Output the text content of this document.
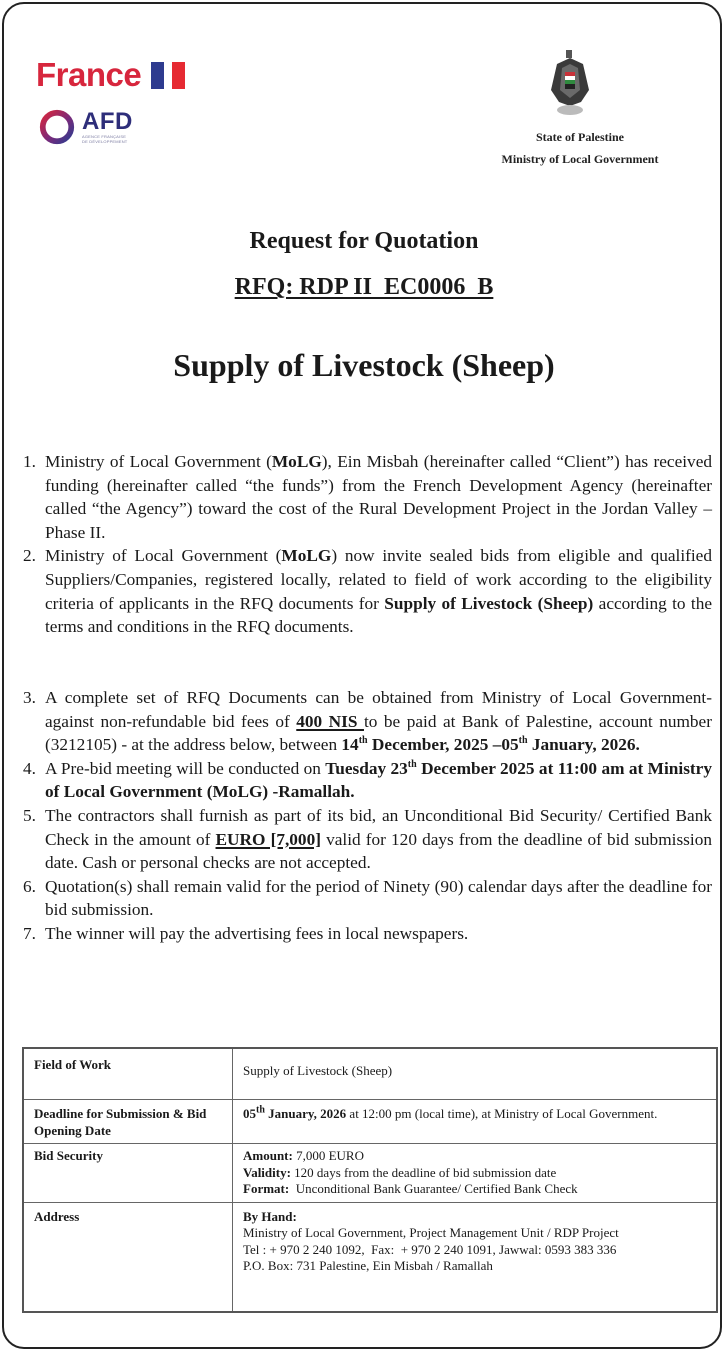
France
AFD
AGENCE FRANÇAISE
DE DÉVELOPPEMENT	State of Palestine
Ministry of Local Government
Request for Quotation
RFQ: RDP II  EC0006  B
Supply of Livestock (Sheep)
1. Ministry of Local Government (MoLG), Ein Misbah (hereinafter called “Client”) has received funding (hereinafter called “the funds”) from the French Development Agency (hereinafter called “the Agency”) toward the cost of the Rural Development Project in the Jordan Valley – Phase II.
2. Ministry of Local Government (MoLG) now invite sealed bids from eligible and qualified Suppliers/Companies, registered locally, related to field of work according to the eligibility criteria of applicants in the RFQ documents for Supply of Livestock (Sheep) according to the terms and conditions in the RFQ documents.
3. A complete set of RFQ Documents can be obtained from Ministry of Local Government- against non-refundable bid fees of 400 NIS to be paid at Bank of Palestine, account number (3212105) - at the address below, between 14th December, 2025 –05th January, 2026.
4. A Pre-bid meeting will be conducted on Tuesday 23th December 2025 at 11:00 am at Ministry of Local Government (MoLG) -Ramallah.
5. The contractors shall furnish as part of its bid, an Unconditional Bid Security/ Certified Bank Check in the amount of EURO [7,000] valid for 120 days from the deadline of bid submission date. Cash or personal checks are not accepted.
6. Quotation(s) shall remain valid for the period of Ninety (90) calendar days after the deadline for bid submission.
7. The winner will pay the advertising fees in local newspapers.
Field of Work	Supply of Livestock (Sheep)

Deadline for Submission & Bid Opening Date	05th January, 2026 at 12:00 pm (local time), at Ministry of Local Government.

Bid Security	Amount: 7,000 EURO
Validity: 120 days from the deadline of bid submission date
Format:  Unconditional Bank Guarantee/ Certified Bank Check

Address	By Hand:
Ministry of Local Government, Project Management Unit / RDP Project
Tel : + 970 2 240 1092,  Fax:  + 970 2 240 1091, Jawwal: 0593 383 336
P.O. Box: 731 Palestine, Ein Misbah / Ramallah
